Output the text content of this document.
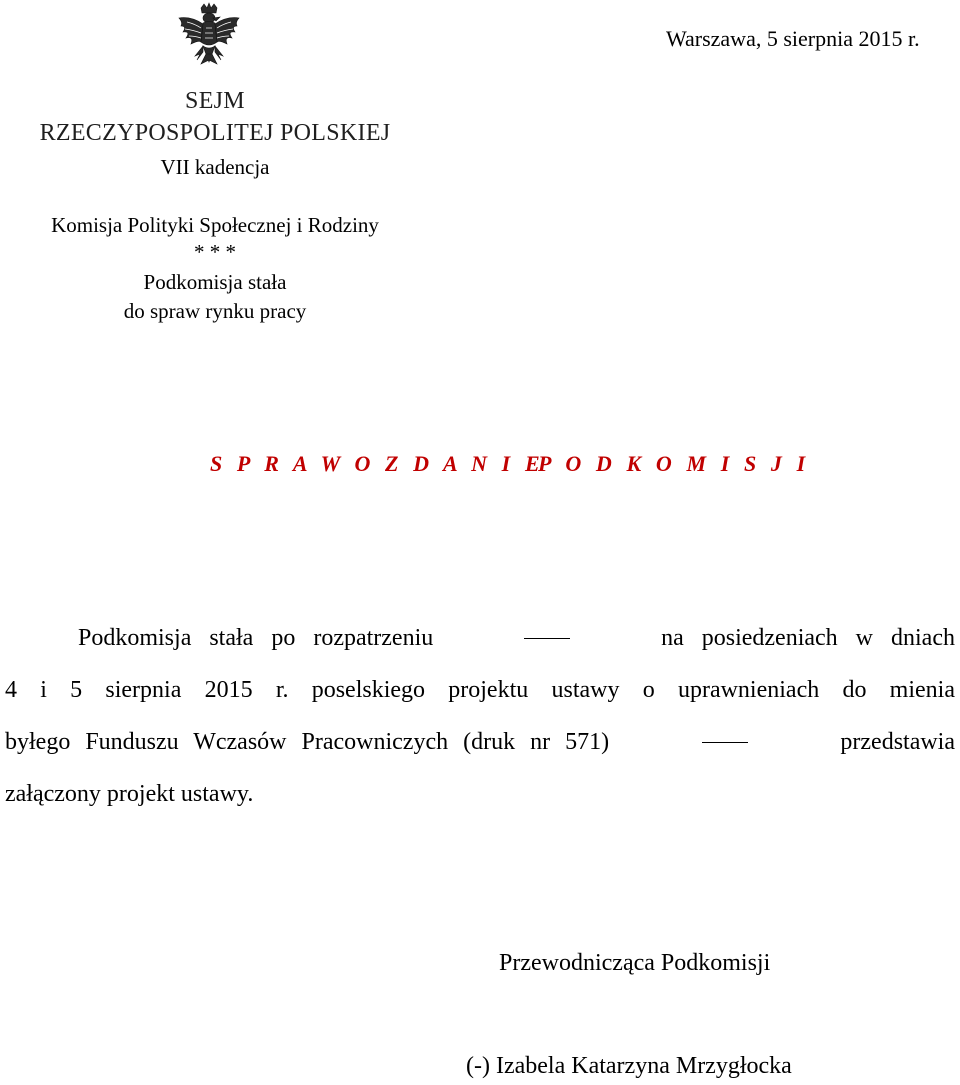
SEJM
RZECZYPOSPOLITEJ POLSKIEJ
VII kadencja
Komisja Polityki Społecznej i Rodziny
* * *
Podkomisja stała
do spraw rynku pracy
Warszawa, 5 sierpnia 2015 r.
S P R A W O Z D A N I E
P O D K O M I S J I
Podkomisja stała po rozpatrzeniu	na posiedzeniach w dniach
4 i 5 sierpnia 2015 r. poselskiego projektu ustawy o uprawnieniach do mienia
byłego Funduszu Wczasów Pracowniczych (druk nr 571)	przedstawia
załączony projekt ustawy.
Przewodnicząca Podkomisji
(-) Izabela Katarzyna Mrzygłocka
